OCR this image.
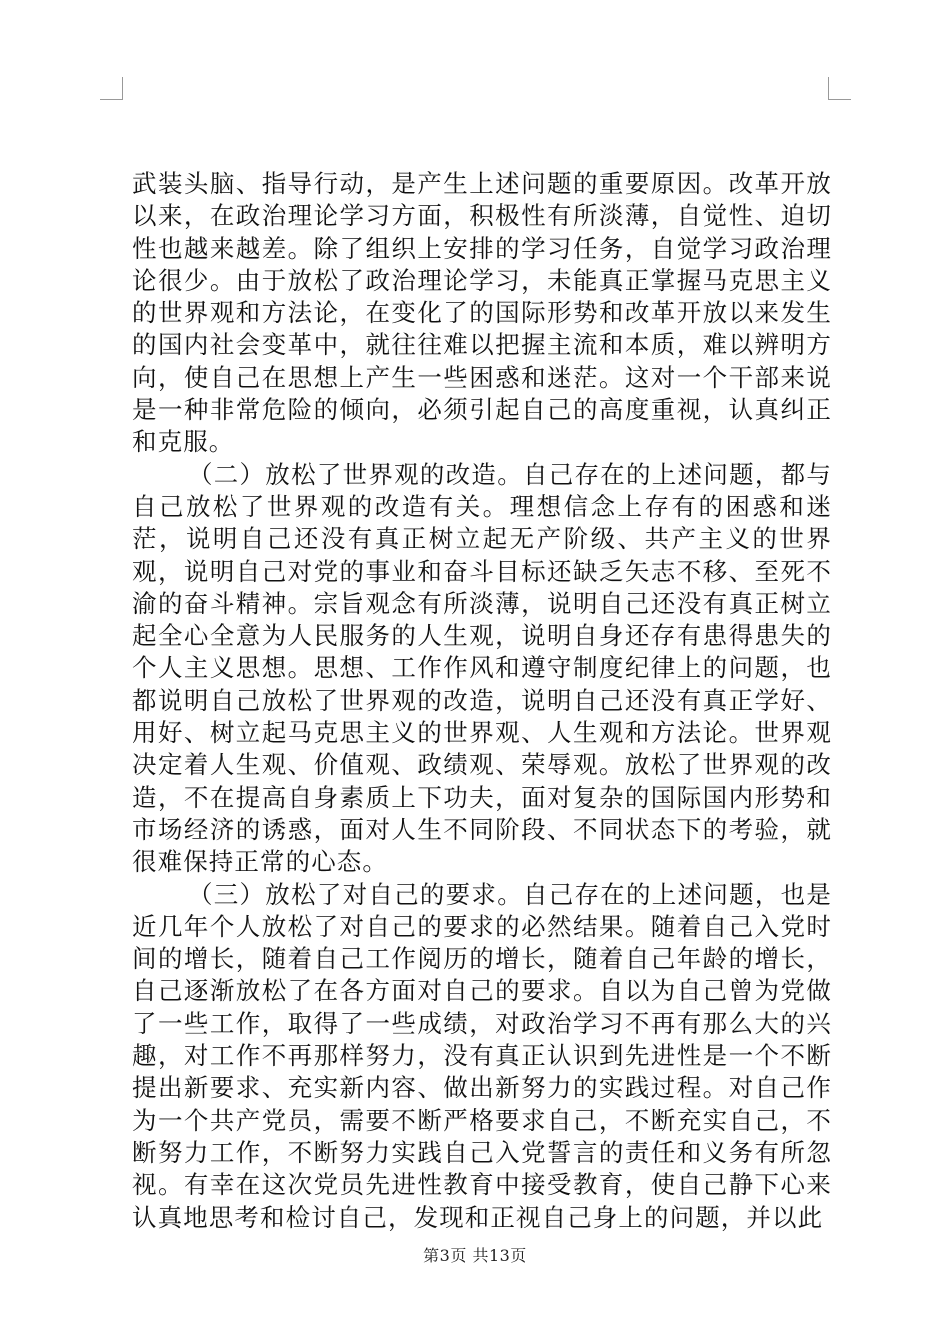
武装头脑、指导行动，是产生上述问题的重要原因。改革开放以来，在政治理论学习方面，积极性有所淡薄，自觉性、迫切性也越来越差。除了组织上安排的学习任务，自觉学习政治理论很少。由于放松了政治理论学习，未能真正掌握马克思主义的世界观和方法论，在变化了的国际形势和改革开放以来发生的国内社会变革中，就往往难以把握主流和本质，难以辨明方向，使自己在思想上产生一些困惑和迷茫。这对一个干部来说是一种非常危险的倾向，必须引起自己的高度重视，认真纠正和克服。

（二）放松了世界观的改造。自己存在的上述问题，都与自己放松了世界观的改造有关。理想信念上存有的困惑和迷茫，说明自己还没有真正树立起无产阶级、共产主义的世界观，说明自己对党的事业和奋斗目标还缺乏矢志不移、至死不渝的奋斗精神。宗旨观念有所淡薄，说明自己还没有真正树立起全心全意为人民服务的人生观，说明自身还存有患得患失的个人主义思想。思想、工作作风和遵守制度纪律上的问题，也都说明自己放松了世界观的改造，说明自己还没有真正学好、用好、树立起马克思主义的世界观、人生观和方法论。世界观决定着人生观、价值观、政绩观、荣辱观。放松了世界观的改造，不在提高自身素质上下功夫，面对复杂的国际国内形势和市场经济的诱惑，面对人生不同阶段、不同状态下的考验，就很难保持正常的心态。

（三）放松了对自己的要求。自己存在的上述问题，也是近几年个人放松了对自己的要求的必然结果。随着自己入党时间的增长，随着自己工作阅历的增长，随着自己年龄的增长，自己逐渐放松了在各方面对自己的要求。自以为自己曾为党做了一些工作，取得了一些成绩，对政治学习不再有那么大的兴趣，对工作不再那样努力，没有真正认识到先进性是一个不断提出新要求、充实新内容、做出新努力的实践过程。对自己作为一个共产党员，需要不断严格要求自己，不断充实自己，不断努力工作，不断努力实践自己入党誓言的责任和义务有所忽视。有幸在这次党员先进性教育中接受教育，使自己静下心来认真地思考和检讨自己，发现和正视自己身上的问题，并以此

第3页 共13页
